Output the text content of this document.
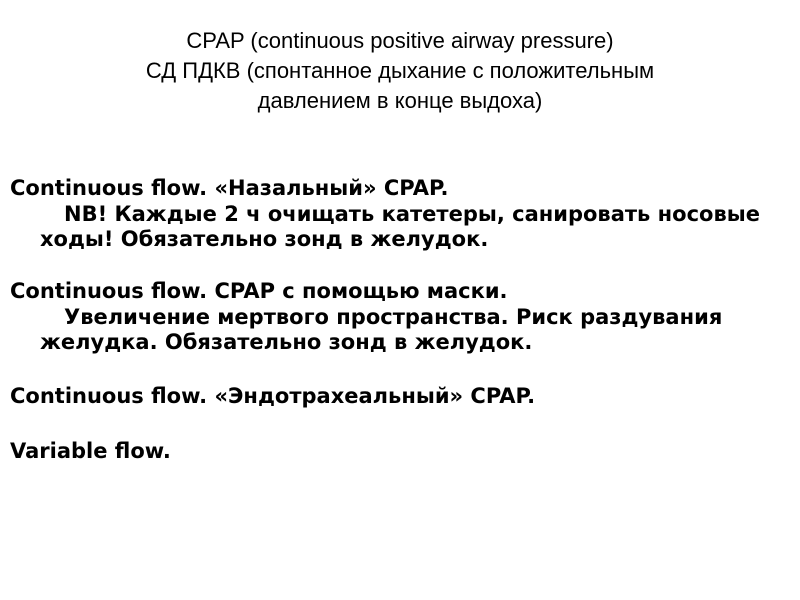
CPAP (continuous positive airway pressure)
СД ПДКВ (спонтанное дыхание с положительным
давлением в конце выдоха)

Continuous flow. «Назальный» CPAP.

NB! Каждые 2 ч очищать катетеры, санировать носовые ходы! Обязательно зонд в желудок.

Continuous flow. CPAP с помощью маски.

Увеличение мертвого пространства. Риск раздувания желудка. Обязательно зонд в желудок.

Continuous flow. «Эндотрахеальный» CPAP.

Variable flow.
